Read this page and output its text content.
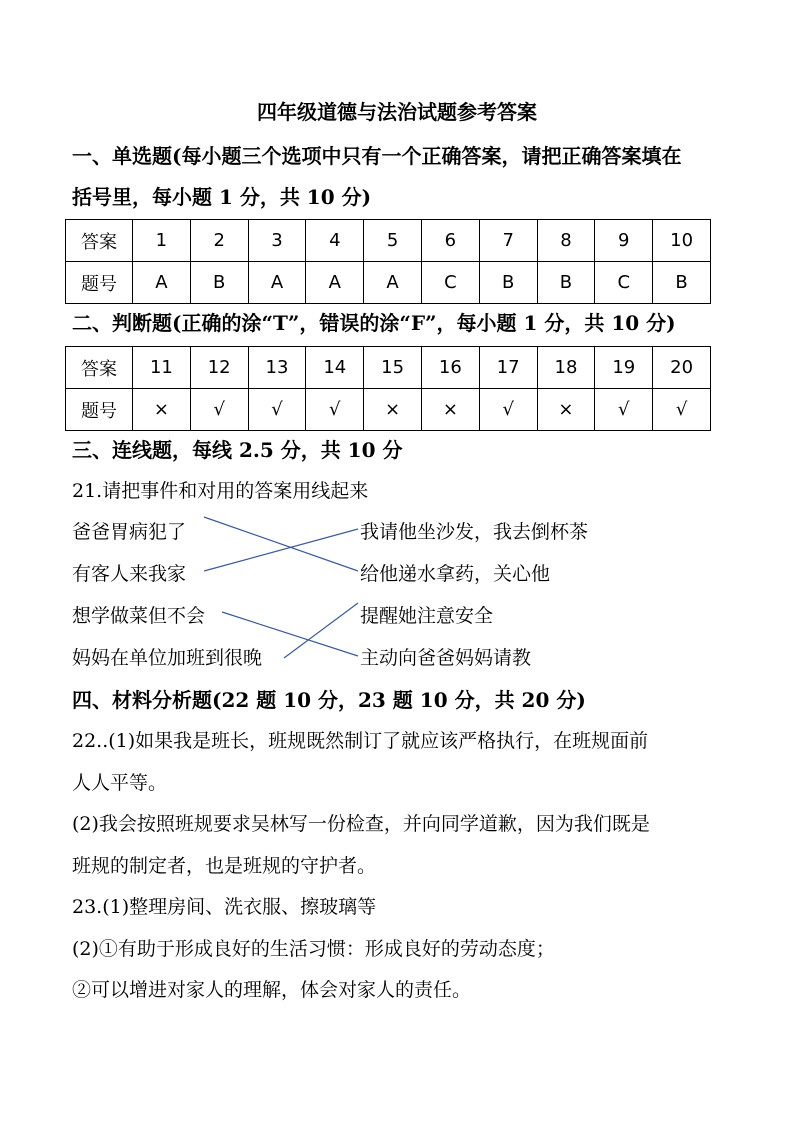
四年级道德与法治试题参考答案
一、单选题(每小题三个选项中只有一个正确答案，请把正确答案填在
括号里，每小题 1 分，共 10 分)
答案	1	2	3	4	5	6	7	8	9	10
题号	A	B	A	A	A	C	B	B	C	B
二、判断题(正确的涂“T”，错误的涂“F”，每小题 1 分，共 10 分)
答案	11	12	13	14	15	16	17	18	19	20
题号	×	√	√	√	×	×	√	×	√	√
三、连线题，每线 2.5 分，共 10 分
21.请把事件和对用的答案用线起来
爸爸胃病犯了
有客人来我家
想学做菜但不会
妈妈在单位加班到很晚
我请他坐沙发，我去倒杯茶
给他递水拿药，关心他
提醒她注意安全
主动向爸爸妈妈请教
四、材料分析题(22 题 10 分，23 题 10 分，共 20 分)
22..(1)如果我是班长，班规既然制订了就应该严格执行，在班规面前
人人平等。
(2)我会按照班规要求吴林写一份检查，并向同学道歉，因为我们既是
班规的制定者，也是班规的守护者。
23.(1)整理房间、洗衣服、擦玻璃等
(2)①有助于形成良好的生活习惯：形成良好的劳动态度；
②可以增进对家人的理解，体会对家人的责任。
